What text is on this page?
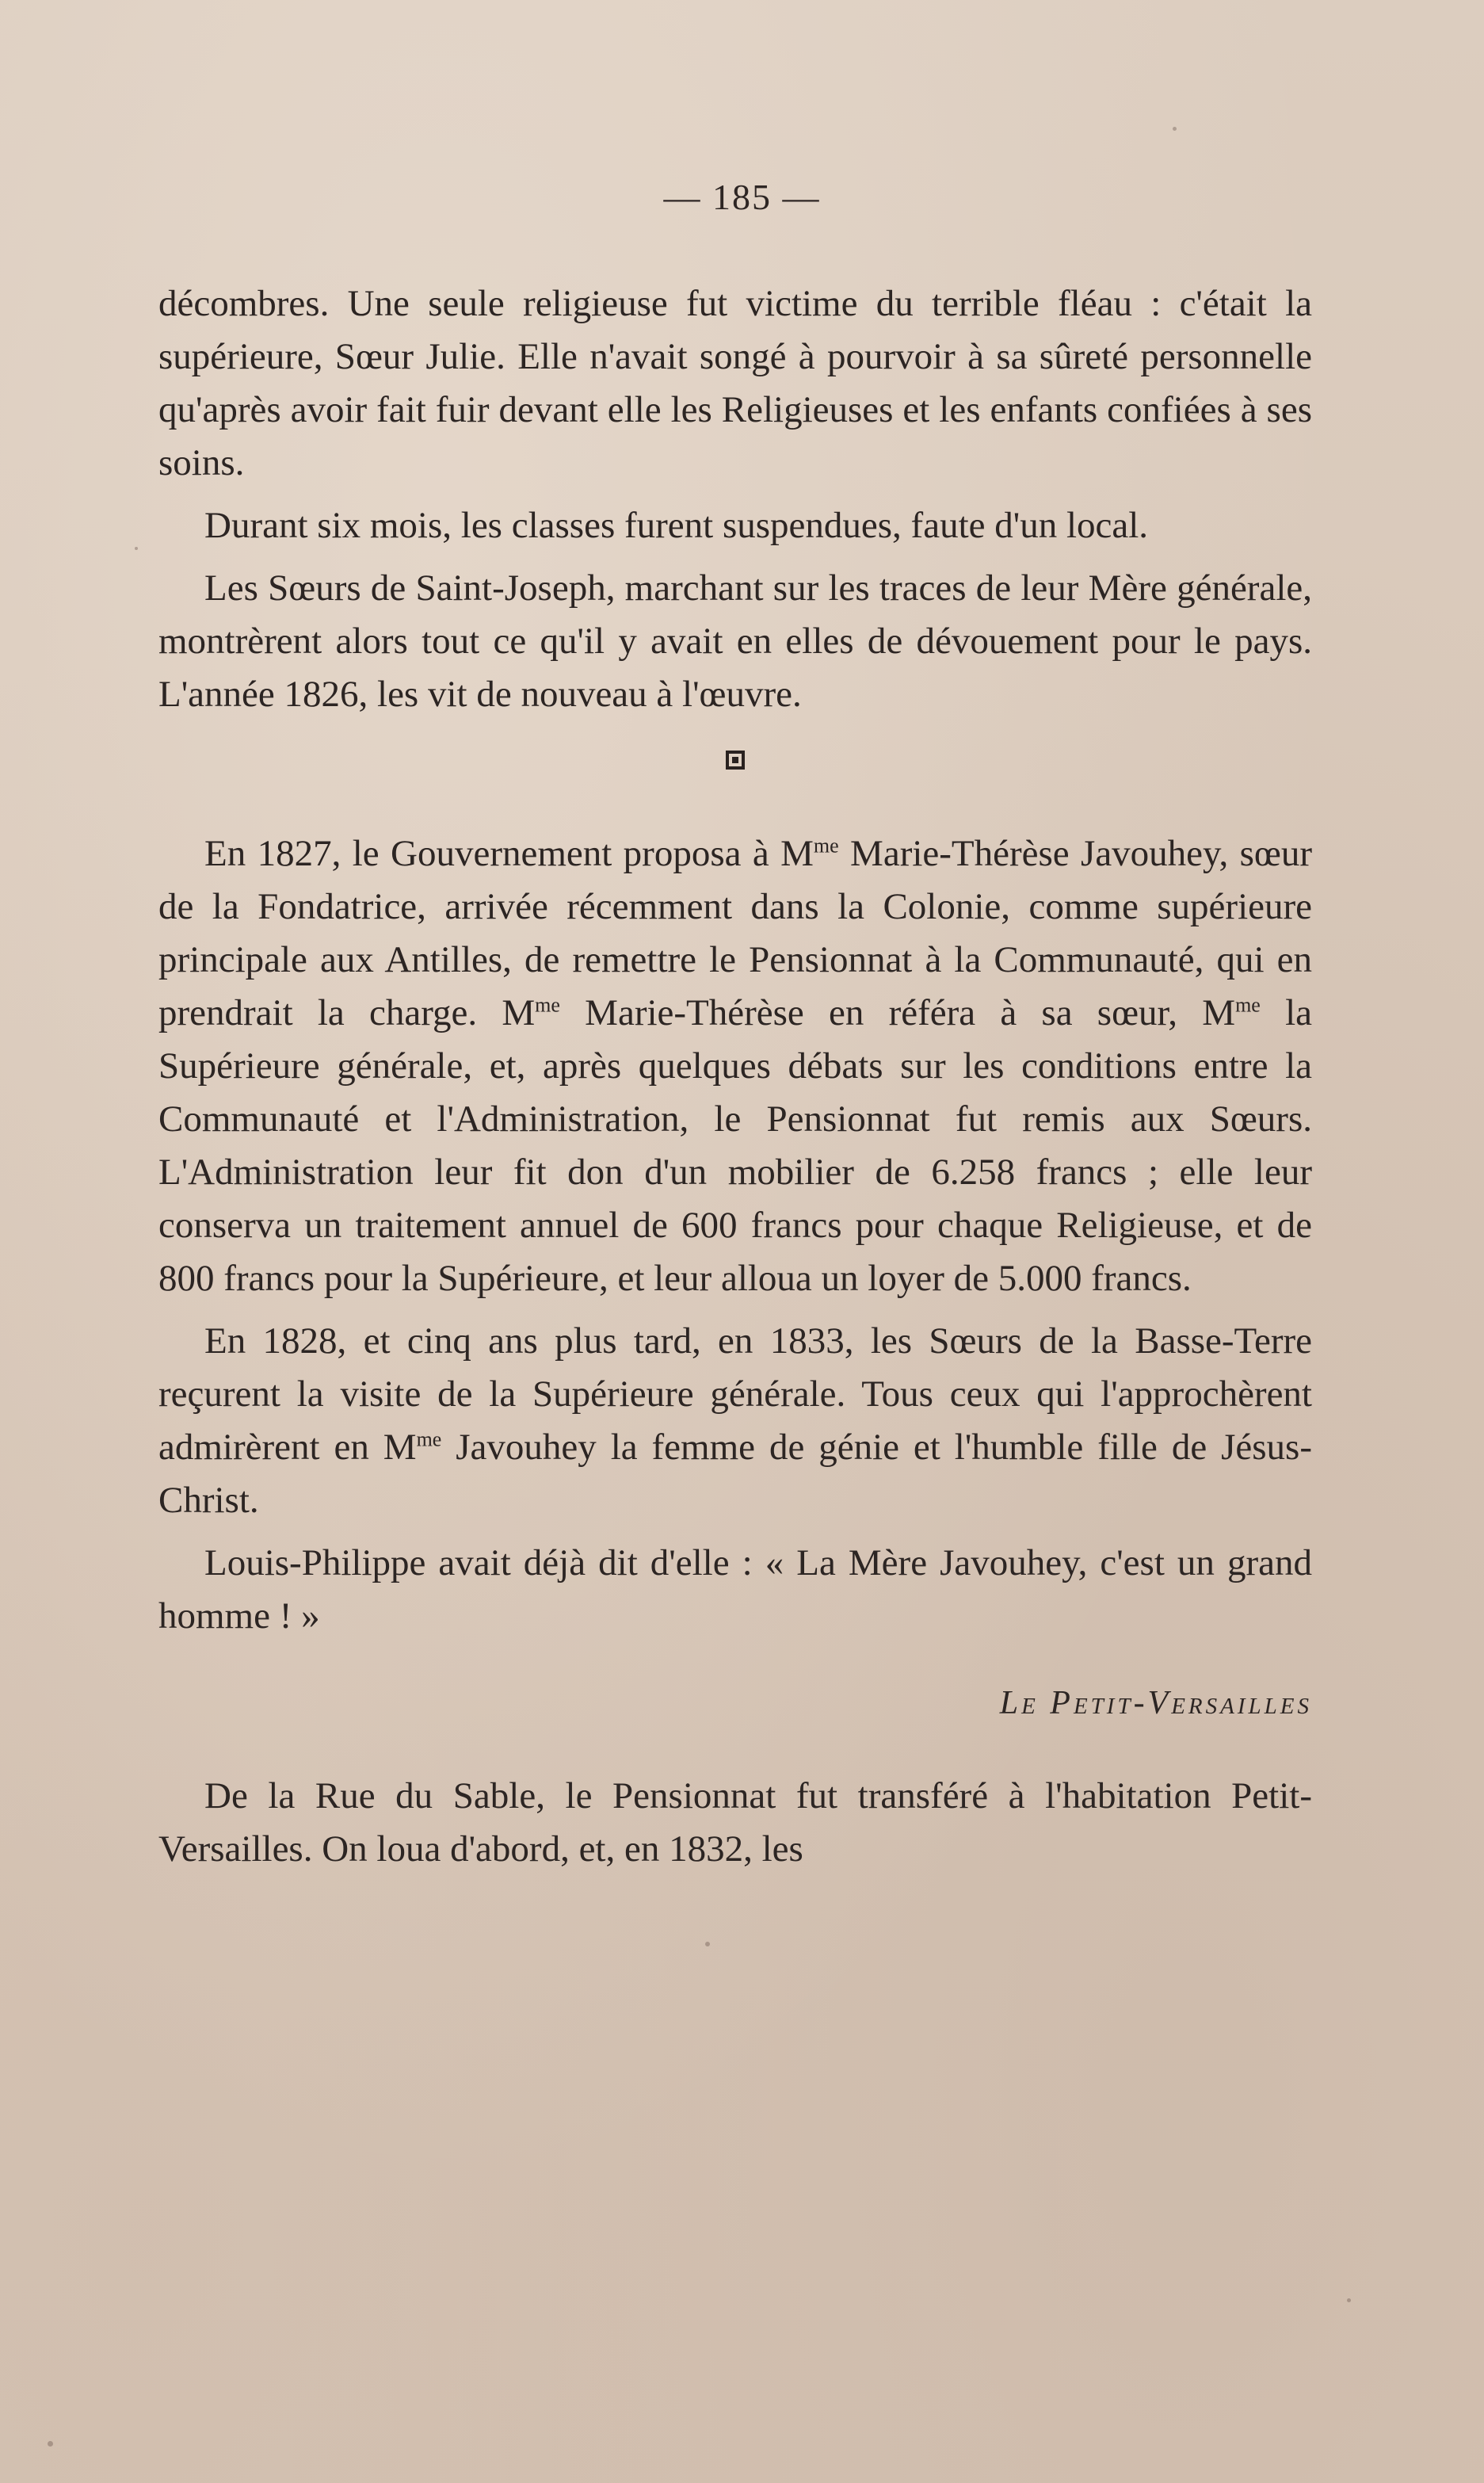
— 185 —

décombres. Une seule religieuse fut victime du terrible fléau : c'était la supérieure, Sœur Julie. Elle n'avait songé à pourvoir à sa sûreté personnelle qu'après avoir fait fuir devant elle les Religieuses et les enfants confiées à ses soins.

Durant six mois, les classes furent suspendues, faute d'un local.

Les Sœurs de Saint-Joseph, marchant sur les traces de leur Mère générale, montrèrent alors tout ce qu'il y avait en elles de dévouement pour le pays. L'année 1826, les vit de nouveau à l'œuvre.

En 1827, le Gouvernement proposa à $M^{me}$ Marie-Thérèse Javouhey, sœur de la Fondatrice, arrivée récemment dans la Colonie, comme supérieure principale aux Antilles, de remettre le Pensionnat à la Communauté, qui en prendrait la charge. $M^{me}$ Marie-Thérèse en référa à sa sœur, $M^{me}$ la Supérieure générale, et, après quelques débats sur les conditions entre la Communauté et l'Administration, le Pensionnat fut remis aux Sœurs. L'Administration leur fit don d'un mobilier de 6.258 francs ; elle leur conserva un traitement annuel de 600 francs pour chaque Religieuse, et de 800 francs pour la Supérieure, et leur alloua un loyer de 5.000 francs.

En 1828, et cinq ans plus tard, en 1833, les Sœurs de la Basse-Terre reçurent la visite de la Supérieure générale. Tous ceux qui l'approchèrent admirèrent en $M^{me}$ Javouhey la femme de génie et l'humble fille de Jésus-Christ.

Louis-Philippe avait déjà dit d'elle : « La Mère Javouhey, c'est un grand homme ! »

Le Petit-Versailles

De la Rue du Sable, le Pensionnat fut transféré à l'habitation Petit-Versailles. On loua d'abord, et, en 1832, les
